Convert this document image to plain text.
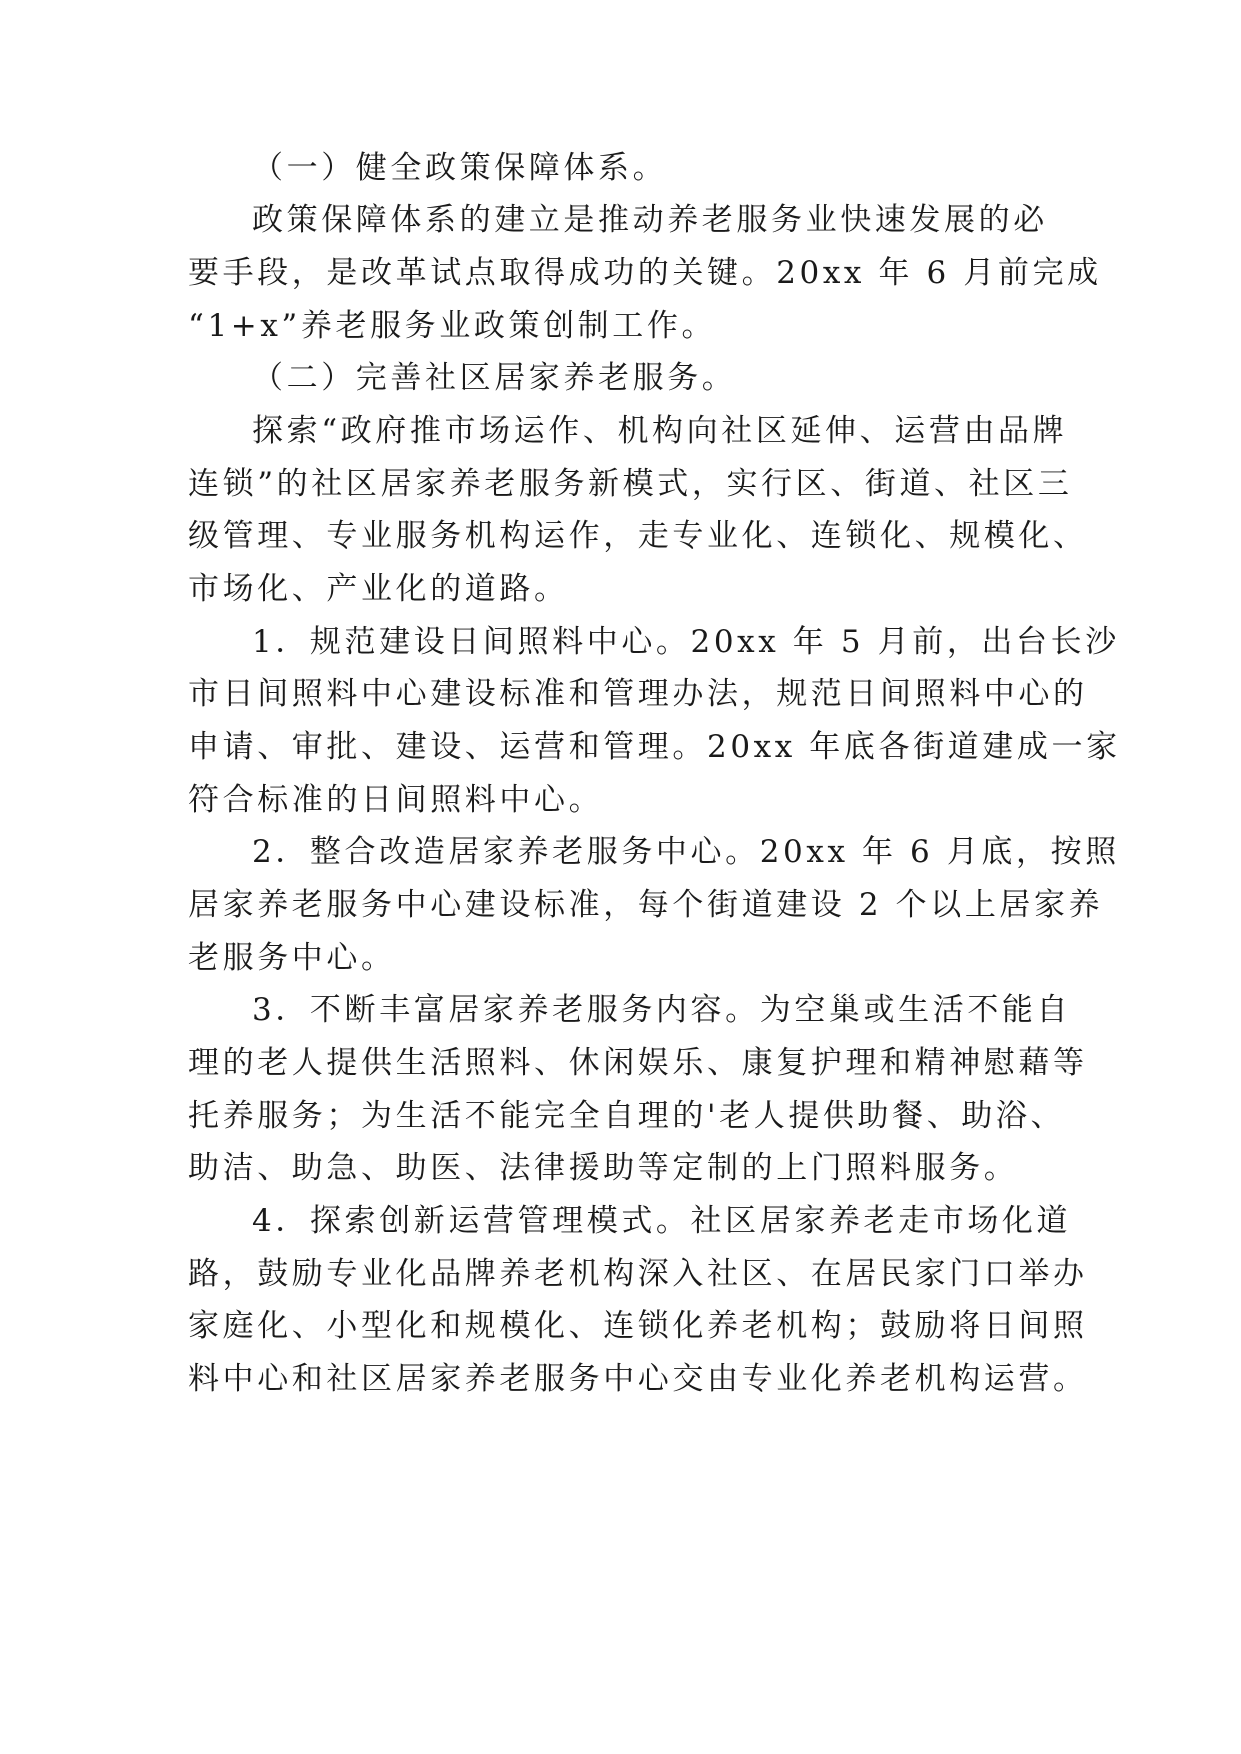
（一）健全政策保障体系。

政策保障体系的建立是推动养老服务业快速发展的必

要手段，是改革试点取得成功的关键。20xx 年 6 月前完成

“1+x”养老服务业政策创制工作。

（二）完善社区居家养老服务。

探索“政府推市场运作、机构向社区延伸、运营由品牌

连锁”的社区居家养老服务新模式，实行区、街道、社区三

级管理、专业服务机构运作，走专业化、连锁化、规模化、

市场化、产业化的道路。

1．规范建设日间照料中心。20xx 年 5 月前，出台长沙

市日间照料中心建设标准和管理办法，规范日间照料中心的

申请、审批、建设、运营和管理。20xx 年底各街道建成一家

符合标准的日间照料中心。

2．整合改造居家养老服务中心。20xx 年 6 月底，按照

居家养老服务中心建设标准，每个街道建设 2 个以上居家养

老服务中心。

3．不断丰富居家养老服务内容。为空巢或生活不能自

理的老人提供生活照料、休闲娱乐、康复护理和精神慰藉等

托养服务；为生活不能完全自理的'老人提供助餐、助浴、

助洁、助急、助医、法律援助等定制的上门照料服务。

4．探索创新运营管理模式。社区居家养老走市场化道

路，鼓励专业化品牌养老机构深入社区、在居民家门口举办

家庭化、小型化和规模化、连锁化养老机构；鼓励将日间照

料中心和社区居家养老服务中心交由专业化养老机构运营。
